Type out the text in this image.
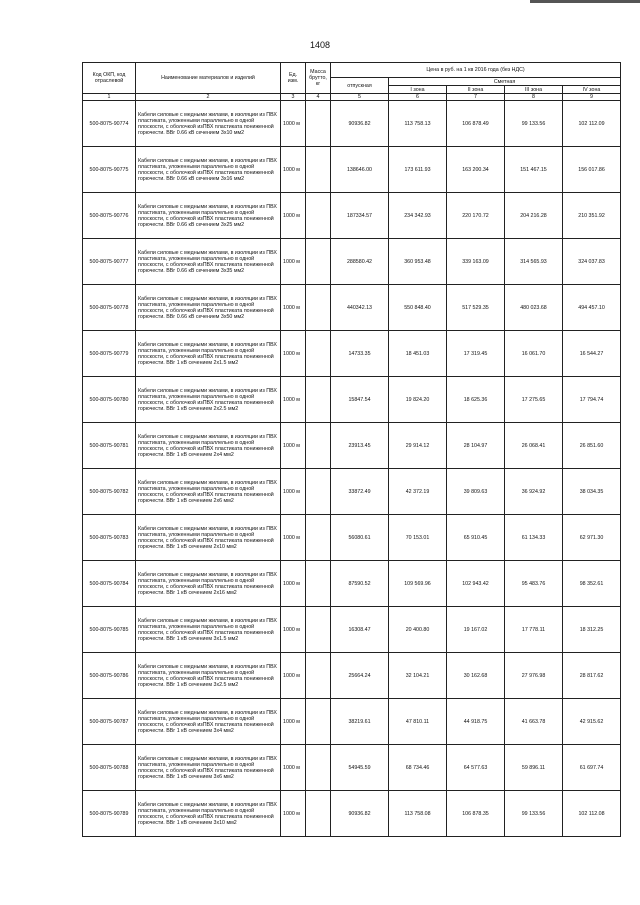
1408
Код ОКП, код отраслевой	Наименование материалов и изделий	Ед. изм.	Масса брутто, кг	Цена в руб. на 1 кв 2016 года (без НДС)				
				отпускная	Сметная			
					I зона	II зона	III зона	IV зона
1	2	3	4	5	6	7	8	9
500-8075-90774	Кабели силовые с медными жилами, в изоляции из ПВХ пластиката, уложенными параллельно в одной плоскости, с оболочкой изПВХ пластиката пониженной горючести. ВВг 0.66 кВ сечением 3х10 мм2	1000 м		90936.82	113 758.13	106 878.49	99 133.56	102 112.09
500-8075-90775	Кабели силовые с медными жилами, в изоляции из ПВХ пластиката, уложенными параллельно в одной плоскости, с оболочкой изПВХ пластиката пониженной горючести. ВВг 0.66 кВ сечением 3х16 мм2	1000 м		138646.00	173 611.93	163 200.34	151 467.15	156 017.86
500-8075-90776	Кабели силовые с медными жилами, в изоляции из ПВХ пластиката, уложенными параллельно в одной плоскости, с оболочкой изПВХ пластиката пониженной горючести. ВВг 0.66 кВ сечением 3х25 мм2	1000 м		187334.57	234 342.93	220 170.72	204 216.28	210 351.92
500-8075-90777	Кабели силовые с медными жилами, в изоляции из ПВХ пластиката, уложенными параллельно в одной плоскости, с оболочкой изПВХ пластиката пониженной горючести. ВВг 0.66 кВ сечением 3х35 мм2	1000 м		288580.42	360 953.48	339 163.09	314 565.93	324 037.83
500-8075-90778	Кабели силовые с медными жилами, в изоляции из ПВХ пластиката, уложенными параллельно в одной плоскости, с оболочкой изПВХ пластиката пониженной горючести. ВВг 0.66 кВ сечением 3х50 мм2	1000 м		440342.13	550 848.40	517 529.35	480 023.68	494 457.10
500-8075-90779	Кабели силовые с медными жилами, в изоляции из ПВХ пластиката, уложенными параллельно в одной плоскости, с оболочкой изПВХ пластиката пониженной горючести. ВВг 1 кВ сечением 2х1.5 мм2	1000 м		14733.35	18 451.03	17 319.45	16 061.70	16 544.27
500-8075-90780	Кабели силовые с медными жилами, в изоляции из ПВХ пластиката, уложенными параллельно в одной плоскости, с оболочкой изПВХ пластиката пониженной горючести. ВВг 1 кВ сечением 2х2.5 мм2	1000 м		15847.54	19 824.20	18 625.36	17 275.65	17 794.74
500-8075-90781	Кабели силовые с медными жилами, в изоляции из ПВХ пластиката, уложенными параллельно в одной плоскости, с оболочкой изПВХ пластиката пониженной горючести. ВВг 1 кВ сечением 2х4 мм2	1000 м		23913.45	29 914.12	28 104.97	26 068.41	26 851.60
500-8075-90782	Кабели силовые с медными жилами, в изоляции из ПВХ пластиката, уложенными параллельно в одной плоскости, с оболочкой изПВХ пластиката пониженной горючести. ВВг 1 кВ сечением 2х6 мм2	1000 м		33872.49	42 372.19	39 809.63	36 924.92	38 034.35
500-8075-90783	Кабели силовые с медными жилами, в изоляции из ПВХ пластиката, уложенными параллельно в одной плоскости, с оболочкой изПВХ пластиката пониженной горючести. ВВг 1 кВ сечением 2х10 мм2	1000 м		56080.61	70 153.01	65 910.45	61 134.33	62 971.30
500-8075-90784	Кабели силовые с медными жилами, в изоляции из ПВХ пластиката, уложенными параллельно в одной плоскости, с оболочкой изПВХ пластиката пониженной горючести. ВВг 1 кВ сечением 2х16 мм2	1000 м		87590.52	109 569.96	102 943.42	95 483.76	98 352.61
500-8075-90785	Кабели силовые с медными жилами, в изоляции из ПВХ пластиката, уложенными параллельно в одной плоскости, с оболочкой изПВХ пластиката пониженной горючести. ВВг 1 кВ сечением 3х1.5 мм2	1000 м		16308.47	20 400.80	19 167.02	17 778.11	18 312.25
500-8075-90786	Кабели силовые с медными жилами, в изоляции из ПВХ пластиката, уложенными параллельно в одной плоскости, с оболочкой изПВХ пластиката пониженной горючести. ВВг 1 кВ сечением 3х2.5 мм2	1000 м		25664.24	32 104.21	30 162.68	27 976.98	28 817.62
500-8075-90787	Кабели силовые с медными жилами, в изоляции из ПВХ пластиката, уложенными параллельно в одной плоскости, с оболочкой изПВХ пластиката пониженной горючести. ВВг 1 кВ сечением 3х4 мм2	1000 м		38219.61	47 810.11	44 918.75	41 663.78	42 915.62
500-8075-90788	Кабели силовые с медными жилами, в изоляции из ПВХ пластиката, уложенными параллельно в одной плоскости, с оболочкой изПВХ пластиката пониженной горючести. ВВг 1 кВ сечением 3х6 мм2	1000 м		54945.59	68 734.46	64 577.63	59 896.11	61 697.74
500-8075-90789	Кабели силовые с медными жилами, в изоляции из ПВХ пластиката, уложенными параллельно в одной плоскости, с оболочкой изПВХ пластиката пониженной горючести. ВВг 1 кВ сечением 3х10 мм2	1000 м		90936.82	113 758.08	106 878.35	99 133.56	102 112.08
